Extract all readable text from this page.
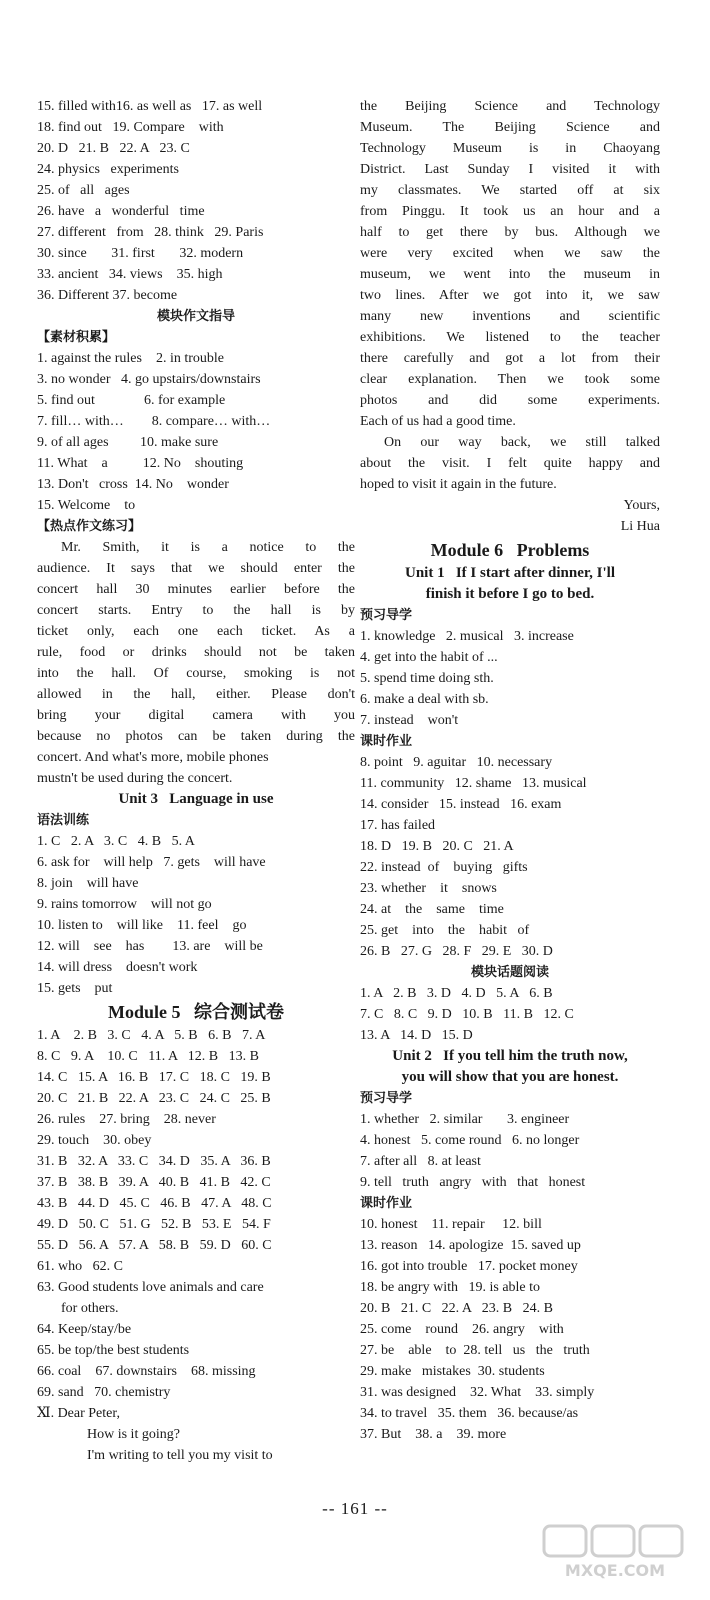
15. filled with16. as well as   17. as well
18. find out   19. Compare    with
20. D   21. B   22. A   23. C
24. physics   experiments
25. of   all   ages
26. have   a   wonderful   time
27. different   from   28. think   29. Paris
30. since       31. first       32. modern
33. ancient   34. views    35. high
36. Different 37. become
模块作文指导
【素材积累】
1. against the rules    2. in trouble
3. no wonder   4. go upstairs/downstairs
5. find out              6. for example
7. fill… with…        8. compare… with…
9. of all ages         10. make sure
11. What    a          12. No    shouting
13. Don't   cross  14. No    wonder
15. Welcome    to
【热点作文练习】
Mr. Smith, it is a notice to the
audience. It says that we should enter the
concert hall 30 minutes earlier before the
concert starts. Entry to the hall is by
ticket only, each one each ticket. As a
rule, food or drinks should not be taken
into the hall. Of course, smoking is not
allowed in the hall, either. Please don't
bring your digital camera with you
because no photos can be taken during the
concert. And what's more, mobile phones
mustn't be used during the concert.
Unit 3   Language in use
语法训练
1. C   2. A   3. C   4. B   5. A
6. ask for    will help   7. gets    will have
8. join    will have
9. rains tomorrow    will not go
10. listen to    will like    11. feel    go
12. will    see    has        13. are    will be
14. will dress    doesn't work
15. gets    put
Module 5   综合测试卷
1. A    2. B   3. C   4. A   5. B   6. B   7. A
8. C   9. A    10. C   11. A   12. B   13. B
14. C   15. A   16. B   17. C   18. C   19. B
20. C   21. B   22. A   23. C   24. C   25. B
26. rules    27. bring    28. never
29. touch    30. obey
31. B   32. A   33. C   34. D   35. A   36. B
37. B   38. B   39. A   40. B   41. B   42. C
43. B   44. D   45. C   46. B   47. A   48. C
49. D   50. C   51. G   52. B   53. E   54. F
55. D   56. A   57. A   58. B   59. D   60. C
61. who   62. C
63. Good students love animals and care
for others.
64. Keep/stay/be
65. be top/the best students
66. coal    67. downstairs    68. missing
69. sand   70. chemistry
Ⅺ. Dear Peter,
How is it going?
I'm writing to tell you my visit to
the Beijing Science and Technology
Museum. The Beijing Science and
Technology Museum is in Chaoyang
District. Last Sunday I visited it with
my classmates. We started off at six
from Pinggu. It took us an hour and a
half to get there by bus. Although we
were very excited when we saw the
museum, we went into the museum in
two lines. After we got into it, we saw
many new inventions and scientific
exhibitions. We listened to the teacher
there carefully and got a lot from their
clear explanation. Then we took some
photos and did some experiments.
Each of us had a good time.
On our way back, we still talked
about the visit. I felt quite happy and
hoped to visit it again in the future.
Yours,
Li Hua
Module 6   Problems
Unit 1   If I start after dinner, I'll
finish it before I go to bed.
预习导学
1. knowledge   2. musical   3. increase
4. get into the habit of ...
5. spend time doing sth.
6. make a deal with sb.
7. instead    won't
课时作业
8. point   9. aguitar   10. necessary
11. community   12. shame   13. musical
14. consider   15. instead   16. exam
17. has failed
18. D   19. B   20. C   21. A
22. instead  of    buying   gifts
23. whether    it    snows
24. at    the    same    time
25. get    into    the    habit   of
26. B   27. G   28. F   29. E   30. D
模块话题阅读
1. A   2. B   3. D   4. D   5. A   6. B
7. C   8. C   9. D   10. B   11. B   12. C
13. A   14. D   15. D
Unit 2   If you tell him the truth now,
you will show that you are honest.
预习导学
1. whether   2. similar       3. engineer
4. honest   5. come round   6. no longer
7. after all   8. at least
9. tell   truth   angry   with   that   honest
课时作业
10. honest    11. repair     12. bill
13. reason   14. apologize  15. saved up
16. got into trouble   17. pocket money
18. be angry with   19. is able to
20. B   21. C   22. A   23. B   24. B
25. come    round    26. angry    with
27. be    able    to  28. tell   us   the   truth
29. make   mistakes  30. students
31. was designed    32. What    33. simply
34. to travel   35. them   36. because/as
37. But    38. a    39. more
-- 161 --
MXQE.COM
